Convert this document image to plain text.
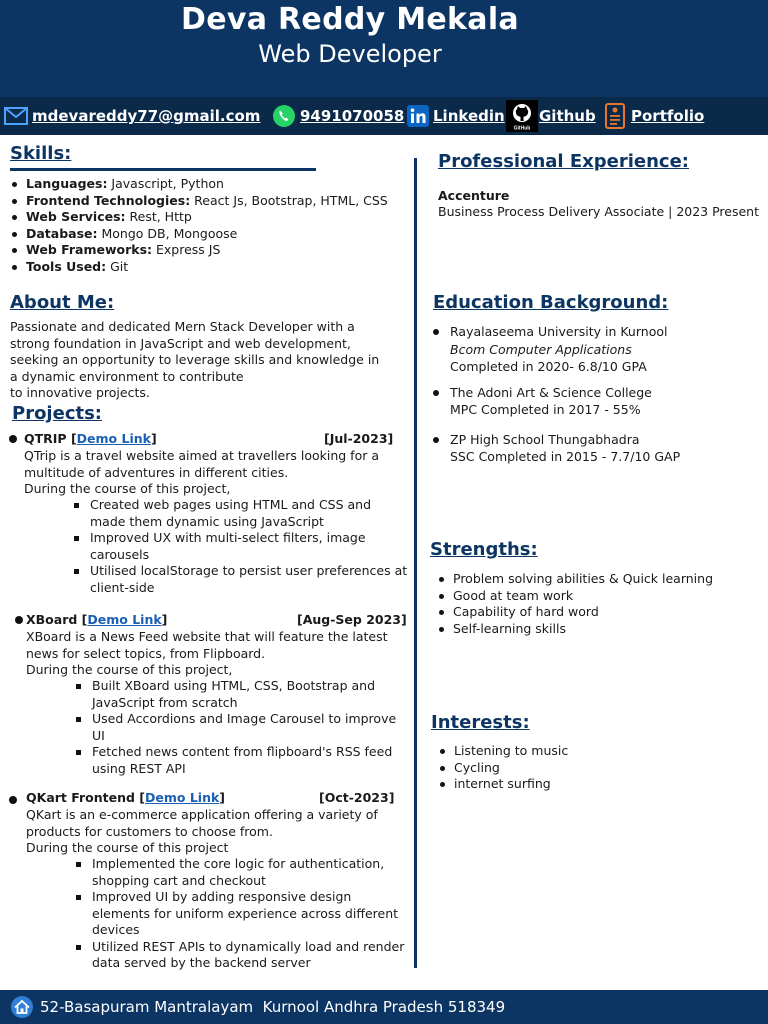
Deva Reddy Mekala
Web Developer
mdevareddy77@gmail.com	9491070058 Linkedin
GitHub
Github Portfolio
Skills:
Languages: Javascript, Python
Frontend Technologies: React Js, Bootstrap, HTML, CSS
Web Services: Rest, Http
Database: Mongo DB, Mongoose
Web Frameworks: Express JS
Tools Used: Git
About Me:
Passionate and dedicated Mern Stack Developer with a
strong foundation in JavaScript and web development,
seeking an opportunity to leverage skills and knowledge in
a dynamic environment to contribute
to innovative projects.
Projects:
QTRIP [Demo Link]	[Jul-2023]
QTrip is a travel website aimed at travellers looking for a
multitude of adventures in different cities.
During the course of this project,
Created web pages using HTML and CSS and made them dynamic using JavaScript
Improved UX with multi-select filters, image carousels
Utilised localStorage to persist user preferences at client-side
XBoard [Demo Link]	[Aug-Sep 2023]
XBoard is a News Feed website that will feature the latest
news for select topics, from Flipboard.
During the course of this project,
Built XBoard using HTML, CSS, Bootstrap and JavaScript from scratch
Used Accordions and Image Carousel to improve UI
Fetched news content from flipboard's RSS feed using REST API
QKart Frontend [Demo Link]	[Oct-2023]
QKart is an e-commerce application offering a variety of
products for customers to choose from.
During the course of this project
Implemented the core logic for authentication, shopping cart and checkout
Improved UI by adding responsive design elements for uniform experience across different devices
Utilized REST APIs to dynamically load and render data served by the backend server
Professional Experience:
Accenture
Business Process Delivery Associate | 2023 Present
Education Background:
Rayalaseema University in Kurnool
Bcom Computer Applications
Completed in 2020- 6.8/10 GPA
The Adoni Art & Science College
MPC Completed in 2017 - 55%
ZP High School Thungabhadra
SSC Completed in 2015 - 7.7/10 GAP
Strengths:
Problem solving abilities & Quick learning
Good at team work
Capability of hard word
Self-learning skills
Interests:
Listening to music
Cycling
internet surfing
52-Basapuram Mantralayam  Kurnool Andhra Pradesh 518349
